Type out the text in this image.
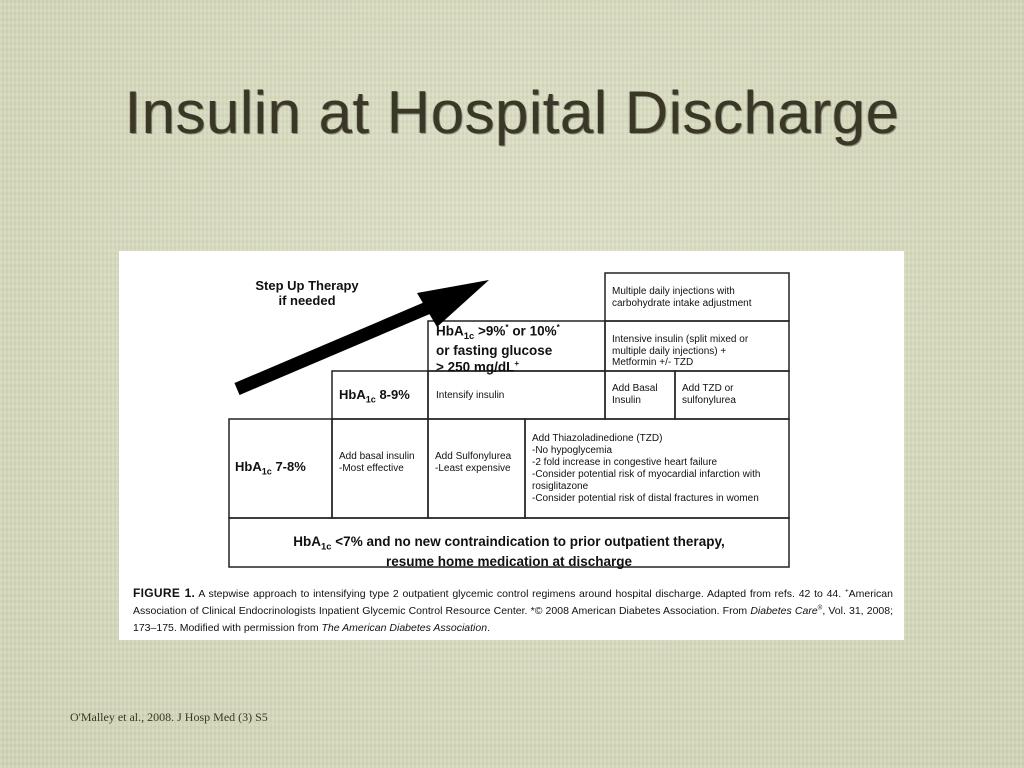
Insulin at Hospital Discharge
Step Up Therapy
if needed
Multiple daily injections with
carbohydrate intake adjustment
Intensive insulin (split mixed or
multiple daily injections) +
Metformin +/- TZD
HbA$_{1c}$ >9%* or 10%*
or fasting glucose
> 250 mg/dL+
HbA$_{1c}$ 8-9%	Intensify insulin
Add Basal
Insulin
Add TZD or
sulfonylurea
HbA$_{1c}$ 7-8%
Add basal insulin
-Most effective
Add Sulfonylurea
-Least expensive
Add Thiazoladinedione (TZD)
-No hypoglycemia
-2 fold increase in congestive heart failure
-Consider potential risk of myocardial infarction with
rosiglitazone
-Consider potential risk of distal fractures in women
HbA$_{1c}$ <7% and no new contraindication to prior outpatient therapy,
resume home medication at discharge
FIGURE 1. A stepwise approach to intensifying type 2 outpatient glycemic control regimens around hospital discharge. Adapted from refs. 42 to 44. +American Association of Clinical Endocrinologists Inpatient Glycemic Control Resource Center. *© 2008 American Diabetes Association. From Diabetes Care®, Vol. 31, 2008; 173–175. Modified with permission from The American Diabetes Association.
O'Malley et al., 2008. J Hosp Med (3) S5
